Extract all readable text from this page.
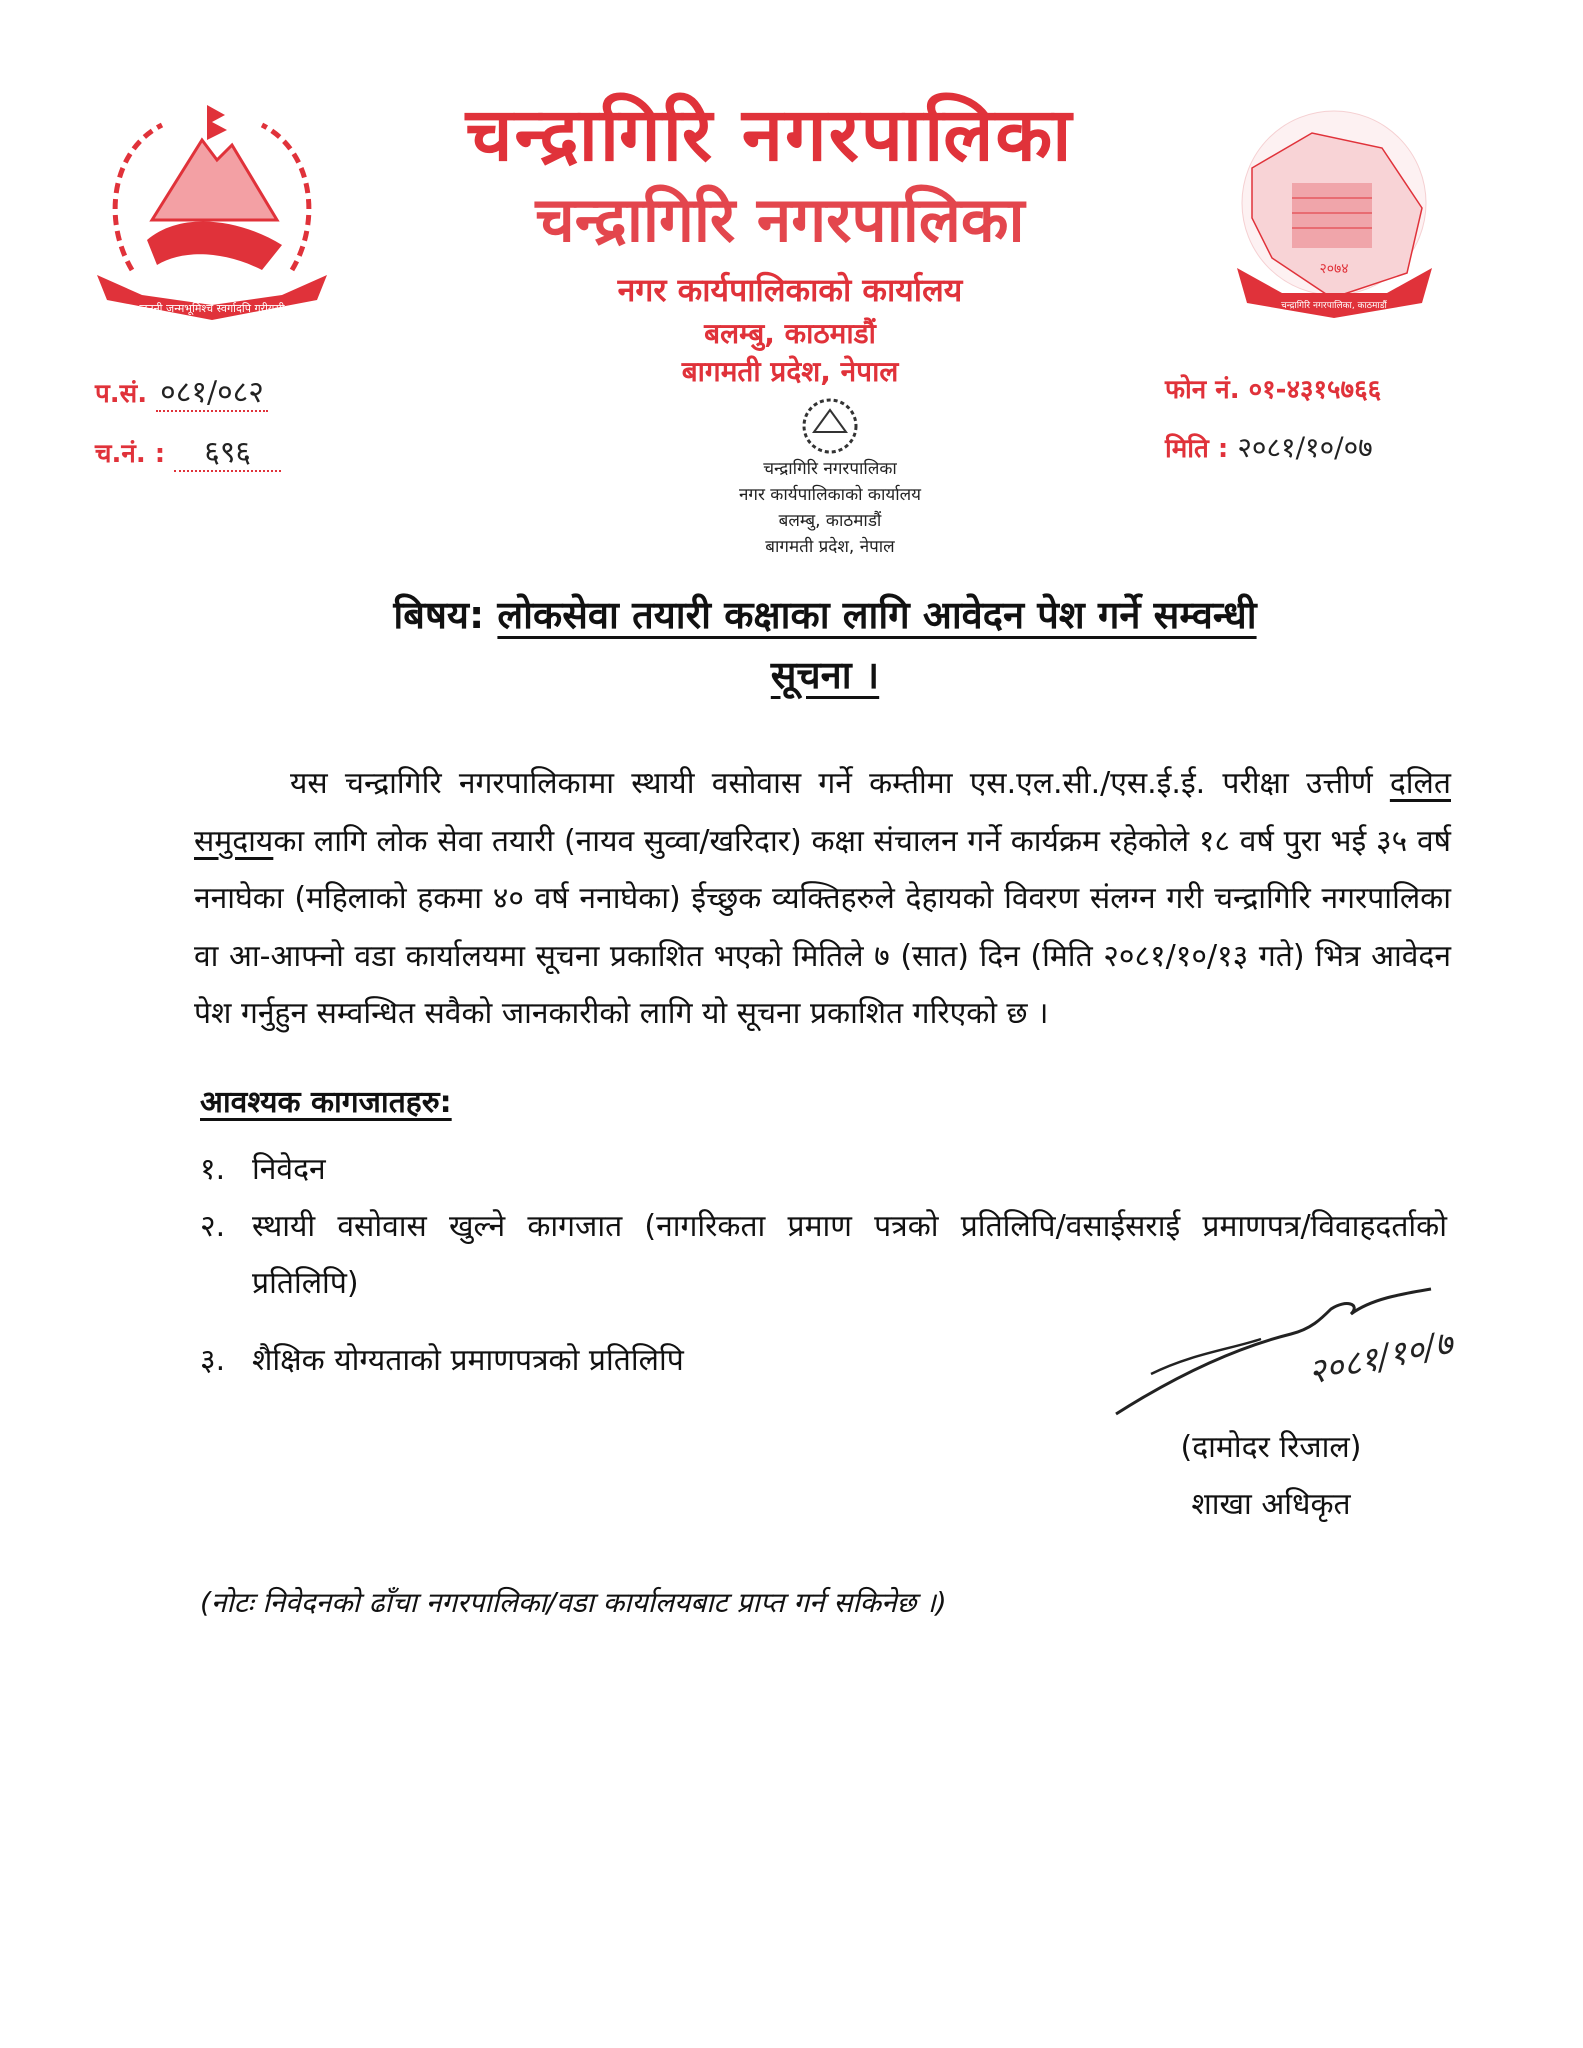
जननी जन्मभूमिश्च स्वर्गादपि गरीयसी
२०७४
चन्द्रागिरि नगरपालिका, काठमाडौं
चन्द्रागिरि नगरपालिका
चन्द्रागिरि नगरपालिका
नगर कार्यपालिकाको कार्यालय
बलम्बु, काठमाडौं
बागमती प्रदेश, नेपाल
प.सं. ०८१/०८२
च.नं. : ६९६
फोन नं. ०१-४३१५७६६
मिति : २०८१/१०/०७
चन्द्रागिरि नगरपालिका
नगर कार्यपालिकाको कार्यालय
बलम्बु, काठमाडौं
बागमती प्रदेश, नेपाल
बिषय: लोकसेवा तयारी कक्षाका लागि आवेदन पेश गर्ने सम्वन्धी
सूचना ।
यस चन्द्रागिरि नगरपालिकामा स्थायी वसोवास गर्ने कम्तीमा एस.एल.सी./एस.ई.ई. परीक्षा उत्तीर्ण दलित समुदायका लागि लोक सेवा तयारी (नायव सुव्वा/खरिदार) कक्षा संचालन गर्ने कार्यक्रम रहेकोले १८ वर्ष पुरा भई ३५ वर्ष ननाघेका (महिलाको हकमा ४० वर्ष ननाघेका) ईच्छुक व्यक्तिहरुले देहायको विवरण संलग्न गरी चन्द्रागिरि नगरपालिका वा आ-आफ्नो वडा कार्यालयमा सूचना प्रकाशित भएको मितिले ७ (सात) दिन (मिति २०८१/१०/१३ गते) भित्र आवेदन पेश गर्नुहुन सम्वन्धित सवैको जानकारीको लागि यो सूचना प्रकाशित गरिएको छ ।
आवश्यक कागजातहरु:
१. निवेदन
२. स्थायी वसोवास खुल्ने कागजात (नागरिकता प्रमाण पत्रको प्रतिलिपि/वसाईसराई प्रमाणपत्र/विवाहदर्ताको प्रतिलिपि)
३. शैक्षिक योग्यताको प्रमाणपत्रको प्रतिलिपि	२०८१/१०/७
(दामोदर रिजाल)
शाखा अधिकृत
(नोटः निवेदनको ढाँचा नगरपालिका/वडा कार्यालयबाट प्राप्त गर्न सकिनेछ ।)
